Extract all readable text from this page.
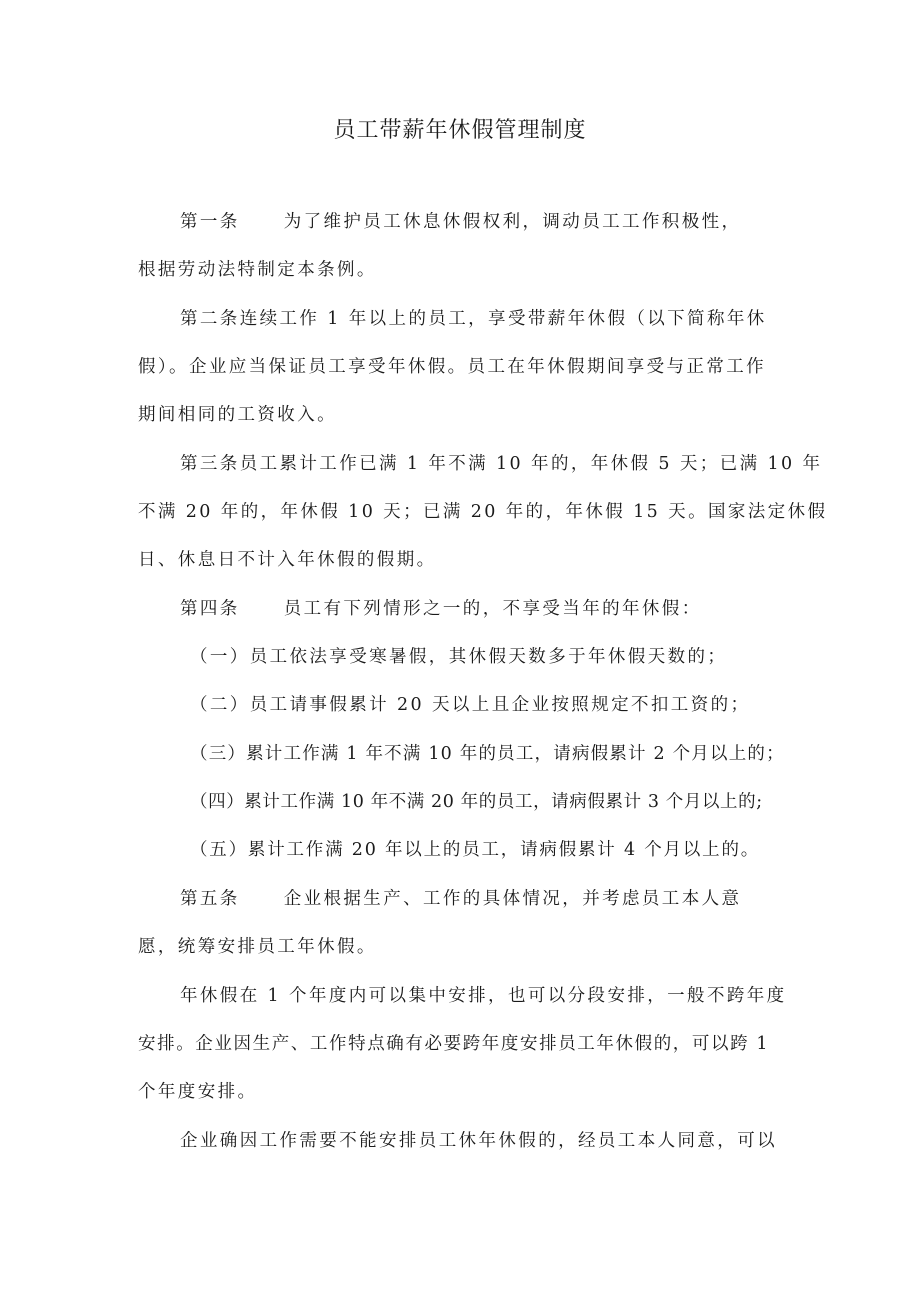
员工带薪年休假管理制度
第一条	为了维护员工休息休假权利，调动员工工作积极性，
根据劳动法特制定本条例。
第二条连续工作 1 年以上的员工，享受带薪年休假（以下简称年休
假）。企业应当保证员工享受年休假。员工在年休假期间享受与正常工作
期间相同的工资收入。
第三条员工累计工作已满 1 年不满 10 年的，年休假 5 天；已满 10 年
不满 20 年的，年休假 10 天；已满 20 年的，年休假 15 天。国家法定休假
日、休息日不计入年休假的假期。
第四条	员工有下列情形之一的，不享受当年的年休假：
（一）员工依法享受寒暑假，其休假天数多于年休假天数的；
（二）员工请事假累计 20 天以上且企业按照规定不扣工资的；
（三）累计工作满 1 年不满 10 年的员工，请病假累计 2 个月以上的；
（四）累计工作满 10 年不满 20 年的员工，请病假累计 3 个月以上的;
（五）累计工作满 20 年以上的员工，请病假累计 4 个月以上的。
第五条	企业根据生产、工作的具体情况，并考虑员工本人意
愿，统筹安排员工年休假。
年休假在 1 个年度内可以集中安排，也可以分段安排，一般不跨年度
安排。企业因生产、工作特点确有必要跨年度安排员工年休假的，可以跨 1
个年度安排。
企业确因工作需要不能安排员工休年休假的，经员工本人同意，可以
